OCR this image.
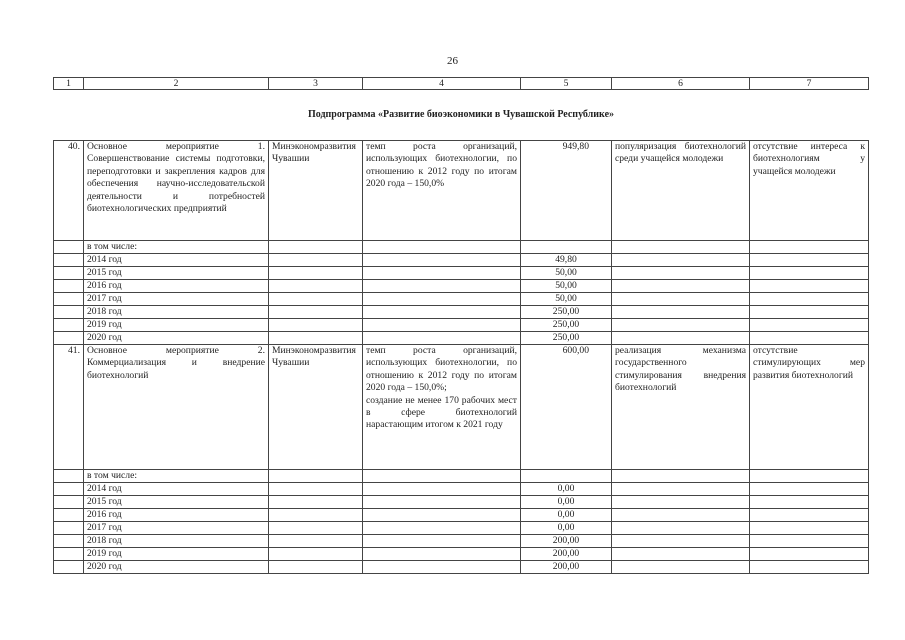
26
1	2	3	4	5	6	7
Подпрограмма «Развитие биоэкономики в Чувашской Республике»						
40.	Основное мероприятие 1. Совершенствование системы подготовки, переподготовки и закрепления кадров для обеспечения научно-исследовательской деятельности и потребностей биотехнологических предприятий	Минэкономразвития Чувашии	темп роста организаций, использующих биотехнологии, по отношению к 2012 году по итогам 2020 года – 150,0%	949,80	популяризация биотехнологий среди учащейся молодежи	отсутствие интереса к биотехнологиям у учащейся молодежи
	в том числе:					
	2014 год			49,80		
	2015 год			50,00		
	2016 год			50,00		
	2017 год			50,00		
	2018 год			250,00		
	2019 год			250,00		
	2020 год			250,00		
41.	Основное мероприятие 2. Коммерциализация и внедрение биотехнологий	Минэкономразвития Чувашии	темп роста организаций, использующих биотехнологии, по отношению к 2012 году по итогам 2020 года – 150,0%;
создание не менее 170 рабочих мест в сфере биотехнологий нарастающим итогом к 2021 году	600,00	реализация механизма государственного стимулирования внедрения биотехнологий	отсутствие стимулирующих мер развития биотехнологий
	в том числе:					
	2014 год			0,00		
	2015 год			0,00		
	2016 год			0,00		
	2017 год			0,00		
	2018 год			200,00		
	2019 год			200,00		
	2020 год			200,00		
